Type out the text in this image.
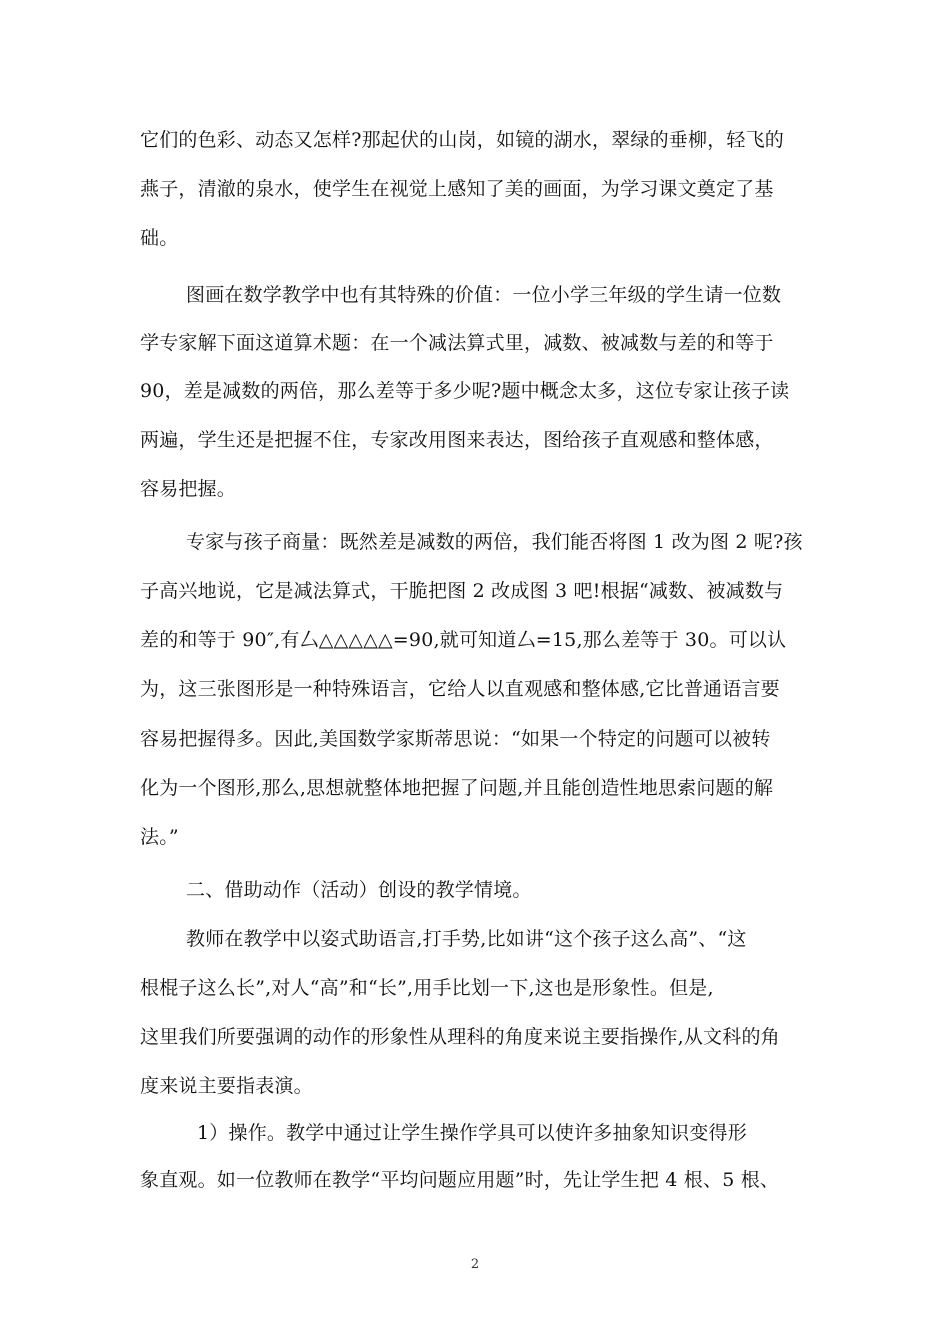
它们的色彩、动态又怎样?那起伏的山岗，如镜的湖水，翠绿的垂柳，轻飞的
燕子，清澈的泉水，使学生在视觉上感知了美的画面，为学习课文奠定了基
础。
图画在数学教学中也有其特殊的价值：一位小学三年级的学生请一位数
学专家解下面这道算术题：在一个减法算式里，减数、被减数与差的和等于
90，差是减数的两倍，那么差等于多少呢?题中概念太多，这位专家让孩子读
两遍，学生还是把握不住，专家改用图来表达，图给孩子直观感和整体感，
容易把握。
专家与孩子商量：既然差是减数的两倍，我们能否将图 1 改为图 2 呢?孩
子高兴地说，它是减法算式，干脆把图 2 改成图 3 吧!根据“减数、被减数与
差的和等于 90″,有厶△△△△△=90,就可知道厶=15,那么差等于 30。可以认
为，这三张图形是一种特殊语言，它给人以直观感和整体感,它比普通语言要
容易把握得多。因此,美国数学家斯蒂思说：“如果一个特定的问题可以被转
化为一个图形,那么,思想就整体地把握了问题,并且能创造性地思索问题的解
法。”
二、借助动作（活动）创设的教学情境。
教师在教学中以姿式助语言,打手势,比如讲“这个孩子这么高”、“这
根棍子这么长”,对人“高”和“长”,用手比划一下,这也是形象性。但是,
这里我们所要强调的动作的形象性从理科的角度来说主要指操作,从文科的角
度来说主要指表演。
1）操作。教学中通过让学生操作学具可以使许多抽象知识变得形
象直观。如一位教师在教学“平均问题应用题”时，先让学生把 4 根、5 根、
2
